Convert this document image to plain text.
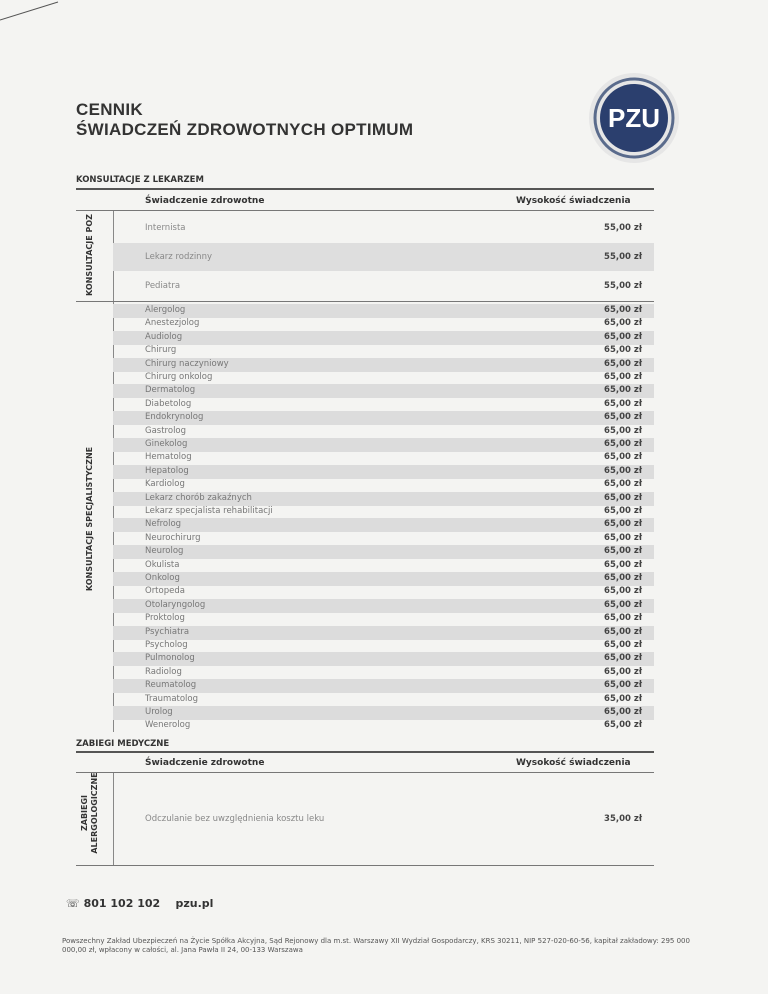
CENNIK
ŚWIADCZEŃ ZDROWOTNYCH OPTIMUM	PZU
KONSULTACJE Z LEKARZEM
Świadczenie zdrowotne	Wysokość świadczenia
KONSULTACJE POZ	Internista	55,00 zł
Lekarz rodzinny	55,00 zł
Pediatra	55,00 zł
KONSULTACJE SPECJALISTYCZNE
Alergolog	65,00 zł
Anestezjolog	65,00 zł
Audiolog	65,00 zł
Chirurg	65,00 zł
Chirurg naczyniowy	65,00 zł
Chirurg onkolog	65,00 zł
Dermatolog	65,00 zł
Diabetolog	65,00 zł
Endokrynolog	65,00 zł
Gastrolog	65,00 zł
Ginekolog	65,00 zł
Hematolog	65,00 zł
Hepatolog	65,00 zł
Kardiolog	65,00 zł
Lekarz chorób zakaźnych	65,00 zł
Lekarz specjalista rehabilitacji	65,00 zł
Nefrolog	65,00 zł
Neurochirurg	65,00 zł
Neurolog	65,00 zł
Okulista	65,00 zł
Onkolog	65,00 zł
Ortopeda	65,00 zł
Otolaryngolog	65,00 zł
Proktolog	65,00 zł
Psychiatra	65,00 zł
Psycholog	65,00 zł
Pulmonolog	65,00 zł
Radiolog	65,00 zł
Reumatolog	65,00 zł
Traumatolog	65,00 zł
Urolog	65,00 zł
Wenerolog	65,00 zł
ZABIEGI MEDYCZNE
Świadczenie zdrowotne	Wysokość świadczenia
ZABIEGI ALERGOLOGICZNE	Odczulanie bez uwzględnienia kosztu leku	35,00 zł
☏ 801 102 102 pzu.pl
Powszechny Zakład Ubezpieczeń na Życie Spółka Akcyjna, Sąd Rejonowy dla m.st. Warszawy XII Wydział Gospodarczy, KRS 30211, NIP 527-020-60-56, kapitał zakładowy: 295 000 000,00 zł, wpłacony w całości, al. Jana Pawła II 24, 00-133 Warszawa
